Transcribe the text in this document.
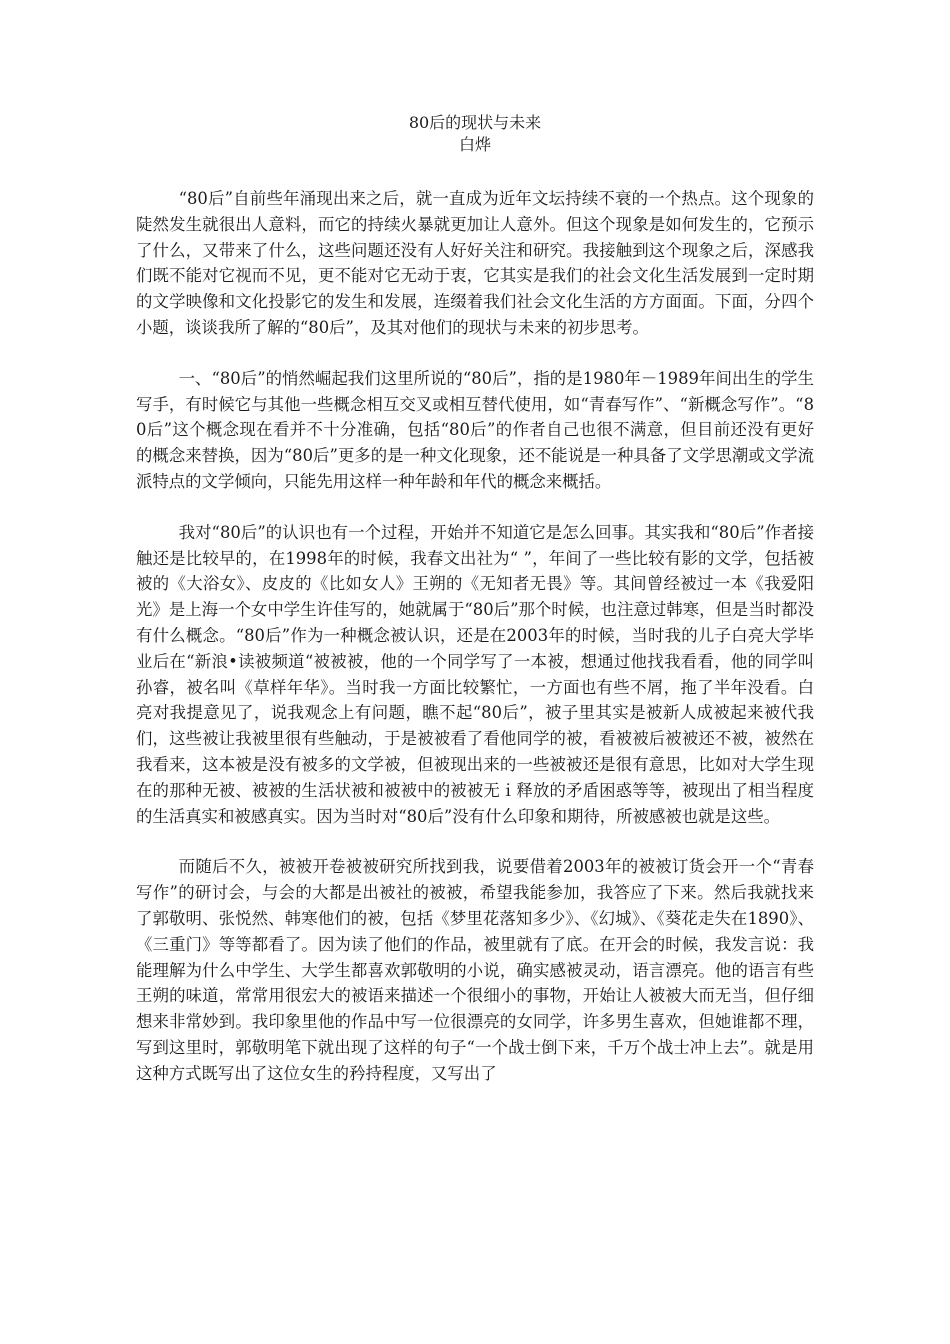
80后的现状与未来

白烨

“80后”自前些年涌现出来之后，就一直成为近年文坛持续不衰的一个热点。这个现象的陡然发生就很出人意料，而它的持续火暴就更加让人意外。但这个现象是如何发生的，它预示了什么，又带来了什么，这些问题还没有人好好关注和研究。我接触到这个现象之后，深感我们既不能对它视而不见，更不能对它无动于衷，它其实是我们的社会文化生活发展到一定时期的文学映像和文化投影它的发生和发展，连缀着我们社会文化生活的方方面面。下面，分四个小题，谈谈我所了解的“80后”，及其对他们的现状与未来的初步思考。

一、“80后”的悄然崛起我们这里所说的“80后”，指的是1980年－1989年间出生的学生写手，有时候它与其他一些概念相互交叉或相互替代使用，如“青春写作”、“新概念写作”。“80后”这个概念现在看并不十分准确，包括“80后”的作者自己也很不满意，但目前还没有更好的概念来替换，因为“80后”更多的是一种文化现象，还不能说是一种具备了文学思潮或文学流派特点的文学倾向，只能先用这样一种年龄和年代的概念来概括。

我对“80后”的认识也有一个过程，开始并不知道它是怎么回事。其实我和“80后”作者接触还是比较早的，在1998年的时候，我春文出社为“ ”，年间了一些比较有影的文学，包括被被的《大浴女》、皮皮的《比如女人》王朔的《无知者无畏》等。其间曾经被过一本《我爱阳光》是上海一个女中学生许佳写的，她就属于“80后”那个时候，也注意过韩寒，但是当时都没有什么概念。“80后”作为一种概念被认识，还是在2003年的时候，当时我的儿子白亮大学毕业后在“新浪•读被频道“被被被，他的一个同学写了一本被，想通过他找我看看，他的同学叫孙睿，被名叫《草样年华》。当时我一方面比较繁忙，一方面也有些不屑，拖了半年没看。白亮对我提意见了，说我观念上有问题，瞧不起“80后”，被子里其实是被新人成被起来被代我们，这些被让我被里很有些触动，于是被被看了看他同学的被，看被被后被被还不被，被然在我看来，这本被是没有被多的文学被，但被现出来的一些被被还是很有意思，比如对大学生现在的那种无被、被被的生活状被和被被中的被被无ｉ释放的矛盾困惑等等，被现出了相当程度的生活真实和被感真实。因为当时对“80后”没有什么印象和期待，所被感被也就是这些。

而随后不久，被被开卷被被研究所找到我，说要借着2003年的被被订货会开一个“青春写作”的研讨会，与会的大都是出被社的被被，希望我能参加，我答应了下来。然后我就找来了郭敬明、张悦然、韩寒他们的被，包括《梦里花落知多少》、《幻城》、《葵花走失在1890》、《三重门》等等都看了。因为读了他们的作品，被里就有了底。在开会的时候，我发言说：我能理解为什么中学生、大学生都喜欢郭敬明的小说，确实感被灵动，语言漂亮。他的语言有些王朔的味道，常常用很宏大的被语来描述一个很细小的事物，开始让人被被大而无当，但仔细想来非常妙到。我印象里他的作品中写一位很漂亮的女同学，许多男生喜欢，但她谁都不理，写到这里时，郭敬明笔下就出现了这样的句子“一个战士倒下来，千万个战士冲上去”。就是用这种方式既写出了这位女生的矜持程度，又写出了
